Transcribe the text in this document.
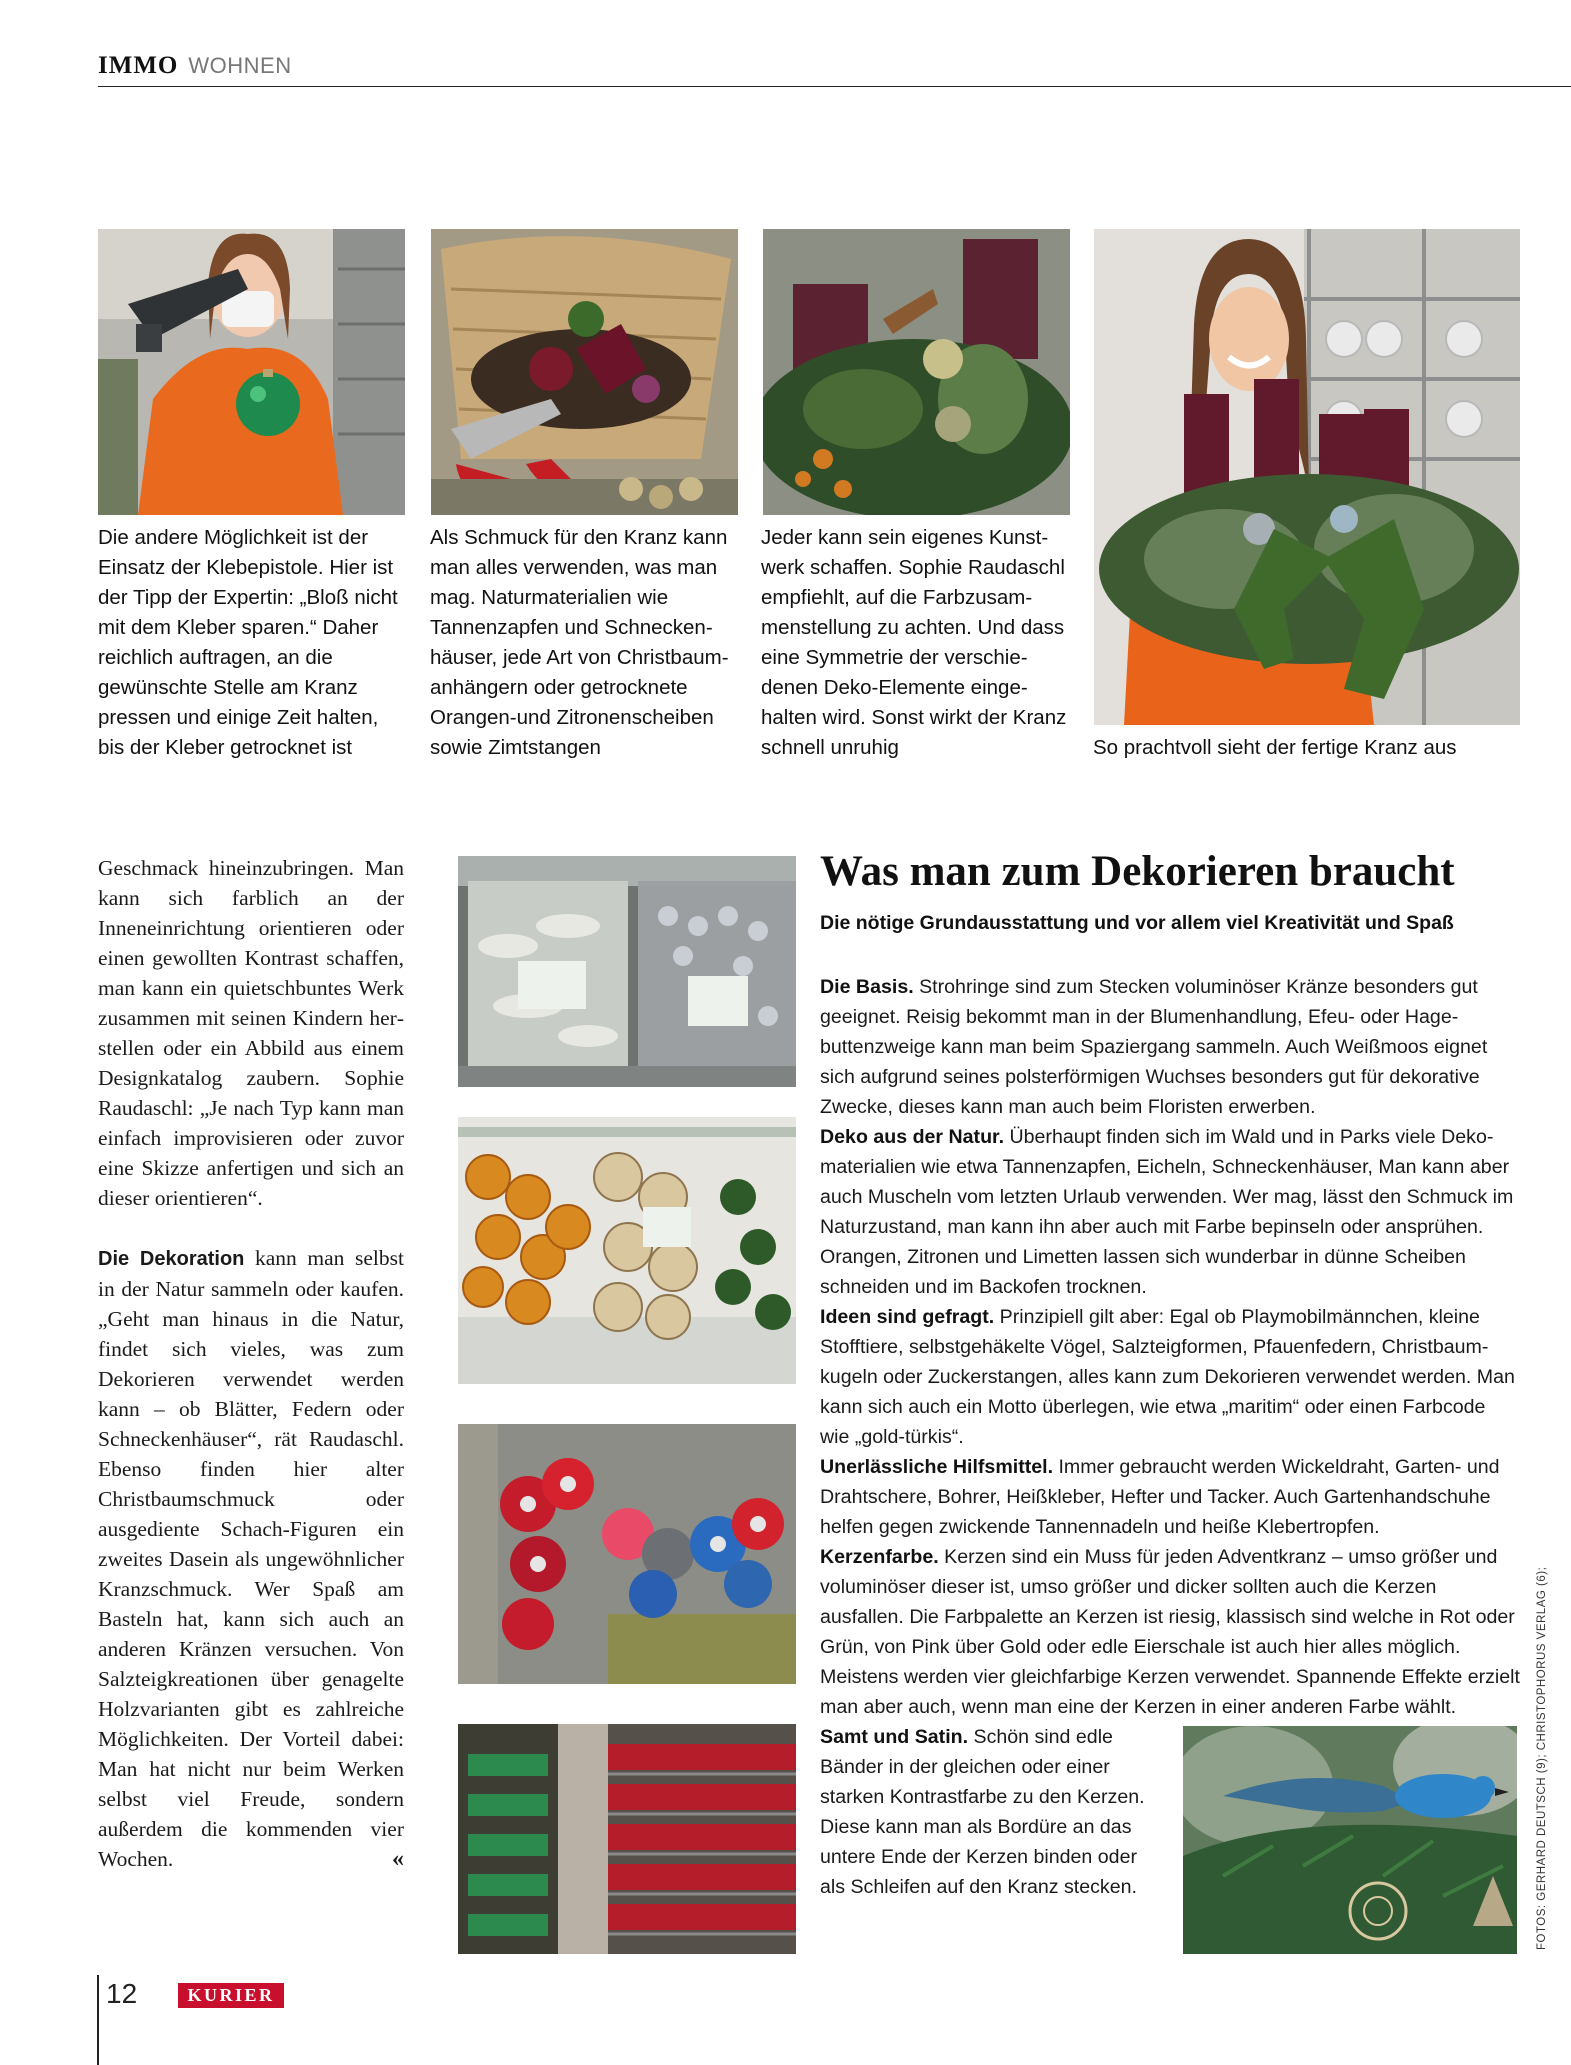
IMMO WOHNEN

Die andere Möglichkeit ist der Einsatz der Klebepistole. Hier ist der Tipp der Expertin: „Bloß nicht mit dem Kleber sparen.“ Daher reichlich auftragen, an die gewünschte Stelle am Kranz pressen und einige Zeit halten, bis der Kleber getrocknet ist

Als Schmuck für den Kranz kann man alles verwenden, was man mag. Naturmaterialien wie Tannenzapfen und Schneckenhäuser, jede Art von Christbaumanhängern oder getrocknete Orangen-und Zitronenscheiben sowie Zimtstangen

Jeder kann sein eigenes Kunstwerk schaffen. Sophie Raudaschl empfiehlt, auf die Farbzusammenstellung zu achten. Und dass eine Symmetrie der verschiedenen Deko-Elemente eingehalten wird. Sonst wirkt der Kranz schnell unruhig	So prachtvoll sieht der fertige Kranz aus

Geschmack hineinzubringen. Man kann sich farblich an der Inneneinrichtung orientieren oder einen gewollten Kontrast schaffen, man kann ein quietschbuntes Werk zusammen mit seinen Kindern herstellen oder ein Abbild aus einem Designkatalog zaubern. Sophie Raudaschl: „Je nach Typ kann man einfach improvisieren oder zuvor eine Skizze anfertigen und sich an dieser orientieren“.

Die Dekoration kann man selbst in der Natur sammeln oder kaufen. „Geht man hinaus in die Natur, findet sich vieles, was zum Dekorieren verwendet werden kann – ob Blätter, Federn oder Schneckenhäuser“, rät Raudaschl. Ebenso finden hier alter Christbaumschmuck oder ausgediente Schach-Figuren ein zweites Dasein als ungewöhnlicher Kranzschmuck. Wer Spaß am Basteln hat, kann sich auch an anderen Kränzen versuchen. Von Salzteigkreationen über genagelte Holzvarianten gibt es zahlreiche Möglichkeiten. Der Vorteil dabei: Man hat nicht nur beim Werken selbst viel Freude, sondern außerdem die kommenden vier Wochen.	«

Was man zum Dekorieren braucht

Die nötige Grundausstattung und vor allem viel Kreativität und Spaß

Die Basis. Strohringe sind zum Stecken voluminöser Kränze besonders gut geeignet. Reisig bekommt man in der Blumenhandlung, Efeu- oder Hagebuttenzweige kann man beim Spaziergang sammeln. Auch Weißmoos eignet sich aufgrund seines polsterförmigen Wuchses besonders gut für dekorative Zwecke, dieses kann man auch beim Floristen erwerben.

Deko aus der Natur. Überhaupt finden sich im Wald und in Parks viele Dekomaterialien wie etwa Tannenzapfen, Eicheln, Schneckenhäuser, Man kann aber auch Muscheln vom letzten Urlaub verwenden. Wer mag, lässt den Schmuck im Naturzustand, man kann ihn aber auch mit Farbe bepinseln oder ansprühen. Orangen, Zitronen und Limetten lassen sich wunderbar in dünne Scheiben schneiden und im Backofen trocknen.

Ideen sind gefragt. Prinzipiell gilt aber: Egal ob Playmobilmännchen, kleine Stofftiere, selbstgehäkelte Vögel, Salzteigformen, Pfauenfedern, Christbaumkugeln oder Zuckerstangen, alles kann zum Dekorieren verwendet werden. Man kann sich auch ein Motto überlegen, wie etwa „maritim“ oder einen Farbcode wie „gold-türkis“.

Unerlässliche Hilfsmittel. Immer gebraucht werden Wickeldraht, Garten- und Drahtschere, Bohrer, Heißkleber, Hefter und Tacker. Auch Gartenhandschuhe helfen gegen zwickende Tannennadeln und heiße Klebertropfen.

Kerzenfarbe. Kerzen sind ein Muss für jeden Adventkranz – umso größer und voluminöser dieser ist, umso größer und dicker sollten auch die Kerzen ausfallen. Die Farbpalette an Kerzen ist riesig, klassisch sind welche in Rot oder Grün, von Pink über Gold oder edle Eierschale ist auch hier alles möglich. Meistens werden vier gleichfarbige Kerzen verwendet. Spannende Effekte erzielt man aber auch, wenn man eine der Kerzen in einer anderen Farbe wählt.

Samt und Satin. Schön sind edle Bänder in der gleichen oder einer starken Kontrastfarbe zu den Kerzen. Diese kann man als Bordüre an das untere Ende der Kerzen binden oder als Schleifen auf den Kranz stecken.	FOTOS: GERHARD DEUTSCH (9); CHRISTOPHORUS VERLAG (6);
12	KURIER
